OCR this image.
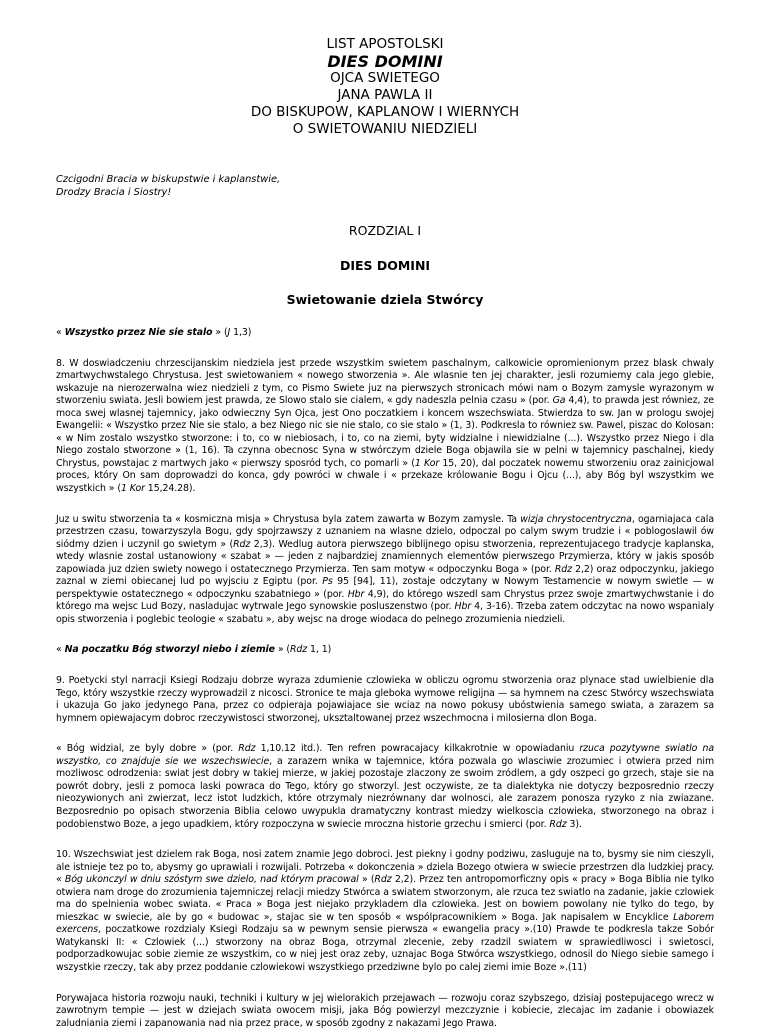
LIST APOSTOLSKI
DIES DOMINI
OJCA SWIETEGO
JANA PAWLA II
DO BISKUPOW, KAPLANOW I WIERNYCH
O SWIETOWANIU NIEDZIELI
Czcigodni Bracia w biskupstwie i kaplanstwie,
Drodzy Bracia i Siostry!
ROZDZIAL I
DIES DOMINI
Swietowanie dziela Stwórcy

« Wszystko przez Nie sie stalo » (J 1,3)

8. W doswiadczeniu chrzescijanskim niedziela jest przede wszystkim swietem paschalnym, calkowicie opromienionym przez blask chwaly zmartwychwstalego Chrystusa. Jest swietowaniem « nowego stworzenia ». Ale wlasnie ten jej charakter, jesli rozumiemy cala jego glebie, wskazuje na nierozerwalna wiez niedzieli z tym, co Pismo Swiete juz na pierwszych stronicach mówi nam o Bozym zamysle wyrazonym w stworzeniu swiata. Jesli bowiem jest prawda, ze Slowo stalo sie cialem, « gdy nadeszla pelnia czasu » (por. Ga 4,4), to prawda jest równiez, ze moca swej wlasnej tajemnicy, jako odwieczny Syn Ojca, jest Ono poczatkiem i koncem wszechswiata. Stwierdza to sw. Jan w prologu swojej Ewangelii: « Wszystko przez Nie sie stalo, a bez Niego nic sie nie stalo, co sie stalo » (1, 3). Podkresla to równiez sw. Pawel, piszac do Kolosan: « w Nim zostalo wszystko stworzone: i to, co w niebiosach, i to, co na ziemi, byty widzialne i niewidzialne (...). Wszystko przez Niego i dla Niego zostalo stworzone » (1, 16). Ta czynna obecnosc Syna w stwórczym dziele Boga objawila sie w pelni w tajemnicy paschalnej, kiedy Chrystus, powstajac z martwych jako « pierwszy sposród tych, co pomarli » (1 Kor 15, 20), dal poczatek nowemu stworzeniu oraz zainicjowal proces, który On sam doprowadzi do konca, gdy powróci w chwale i « przekaze królowanie Bogu i Ojcu (...), aby Bóg byl wszystkim we wszystkich » (1 Kor 15,24.28).

Juz u switu stworzenia ta « kosmiczna misja » Chrystusa byla zatem zawarta w Bozym zamysle. Ta wizja chrystocentryczna, ogarniajaca cala przestrzen czasu, towarzyszyla Bogu, gdy spojrzawszy z uznaniem na wlasne dzielo, odpoczal po calym swym trudzie i « poblogoslawil ów siódmy dzien i uczynil go swietym » (Rdz 2,3). Wedlug autora pierwszego biblijnego opisu stworzenia, reprezentujacego tradycje kaplanska, wtedy wlasnie zostal ustanowiony « szabat » — jeden z najbardziej znamiennych elementów pierwszego Przymierza, który w jakis sposób zapowiada juz dzien swiety nowego i ostatecznego Przymierza. Ten sam motyw « odpoczynku Boga » (por. Rdz 2,2) oraz odpoczynku, jakiego zaznal w ziemi obiecanej lud po wyjsciu z Egiptu (por. Ps 95 [94], 11), zostaje odczytany w Nowym Testamencie w nowym swietle — w perspektywie ostatecznego « odpoczynku szabatniego » (por. Hbr 4,9), do którego wszedl sam Chrystus przez swoje zmartwychwstanie i do którego ma wejsc Lud Bozy, nasladujac wytrwale Jego synowskie posluszenstwo (por. Hbr 4, 3-16). Trzeba zatem odczytac na nowo wspanialy opis stworzenia i poglebic teologie « szabatu », aby wejsc na droge wiodaca do pelnego zrozumienia niedzieli.

« Na poczatku Bóg stworzyl niebo i ziemie » (Rdz 1, 1)

9. Poetycki styl narracji Ksiegi Rodzaju dobrze wyraza zdumienie czlowieka w obliczu ogromu stworzenia oraz plynace stad uwielbienie dla Tego, który wszystkie rzeczy wyprowadzil z nicosci. Stronice te maja gleboka wymowe religijna — sa hymnem na czesc Stwórcy wszechswiata i ukazuja Go jako jedynego Pana, przez co odpieraja pojawiajace sie wciaz na nowo pokusy ubóstwienia samego swiata, a zarazem sa hymnem opiewajacym dobroc rzeczywistosci stworzonej, uksztaltowanej przez wszechmocna i milosierna dlon Boga.

« Bóg widzial, ze byly dobre » (por. Rdz 1,10.12 itd.). Ten refren powracajacy kilkakrotnie w opowiadaniu rzuca pozytywne swiatlo na wszystko, co znajduje sie we wszechswiecie, a zarazem wnika w tajemnice, która pozwala go wlasciwie zrozumiec i otwiera przed nim mozliwosc odrodzenia: swiat jest dobry w takiej mierze, w jakiej pozostaje zlaczony ze swoim zródlem, a gdy oszpeci go grzech, staje sie na powrót dobry, jesli z pomoca laski powraca do Tego, który go stworzyl. Jest oczywiste, ze ta dialektyka nie dotyczy bezposrednio rzeczy nieozywionych ani zwierzat, lecz istot ludzkich, które otrzymaly niezrównany dar wolnosci, ale zarazem ponosza ryzyko z nia zwiazane. Bezposrednio po opisach stworzenia Biblia celowo uwypukla dramatyczny kontrast miedzy wielkoscia czlowieka, stworzonego na obraz i podobienstwo Boze, a jego upadkiem, który rozpoczyna w swiecie mroczna historie grzechu i smierci (por. Rdz 3).

10. Wszechswiat jest dzielem rak Boga, nosi zatem znamie Jego dobroci. Jest piekny i godny podziwu, zasluguje na to, bysmy sie nim cieszyli, ale istnieje tez po to, abysmy go uprawiali i rozwijali. Potrzeba « dokonczenia » dziela Bozego otwiera w swiecie przestrzen dla ludzkiej pracy. « Bóg ukonczyl w dniu szóstym swe dzielo, nad którym pracowal » (Rdz 2,2). Przez ten antropomorficzny opis « pracy » Boga Biblia nie tylko otwiera nam droge do zrozumienia tajemniczej relacji miedzy Stwórca a swiatem stworzonym, ale rzuca tez swiatlo na zadanie, jakie czlowiek ma do spelnienia wobec swiata. « Praca » Boga jest niejako przykladem dla czlowieka. Jest on bowiem powolany nie tylko do tego, by mieszkac w swiecie, ale by go « budowac », stajac sie w ten sposób « wspólpracownikiem » Boga. Jak napisalem w Encyklice Laborem exercens, poczatkowe rozdzialy Ksiegi Rodzaju sa w pewnym sensie pierwsza « ewangelia pracy ».(10) Prawde te podkresla takze Sobór Watykanski II: « Czlowiek (...) stworzony na obraz Boga, otrzymal zlecenie, zeby rzadzil swiatem w sprawiedliwosci i swietosci, podporzadkowujac sobie ziemie ze wszystkim, co w niej jest oraz zeby, uznajac Boga Stwórca wszystkiego, odnosil do Niego siebie samego i wszystkie rzeczy, tak aby przez poddanie czlowiekowi wszystkiego przedziwne bylo po calej ziemi imie Boze ».(11)

Porywajaca historia rozwoju nauki, techniki i kultury w jej wielorakich przejawach — rozwoju coraz szybszego, dzisiaj postepujacego wrecz w zawrotnym tempie — jest w dziejach swiata owocem misji, jaka Bóg powierzyl mezczyznie i kobiecie, zlecajac im zadanie i obowiazek zaludniania ziemi i zapanowania nad nia przez prace, w sposób zgodny z nakazami Jego Prawa.
